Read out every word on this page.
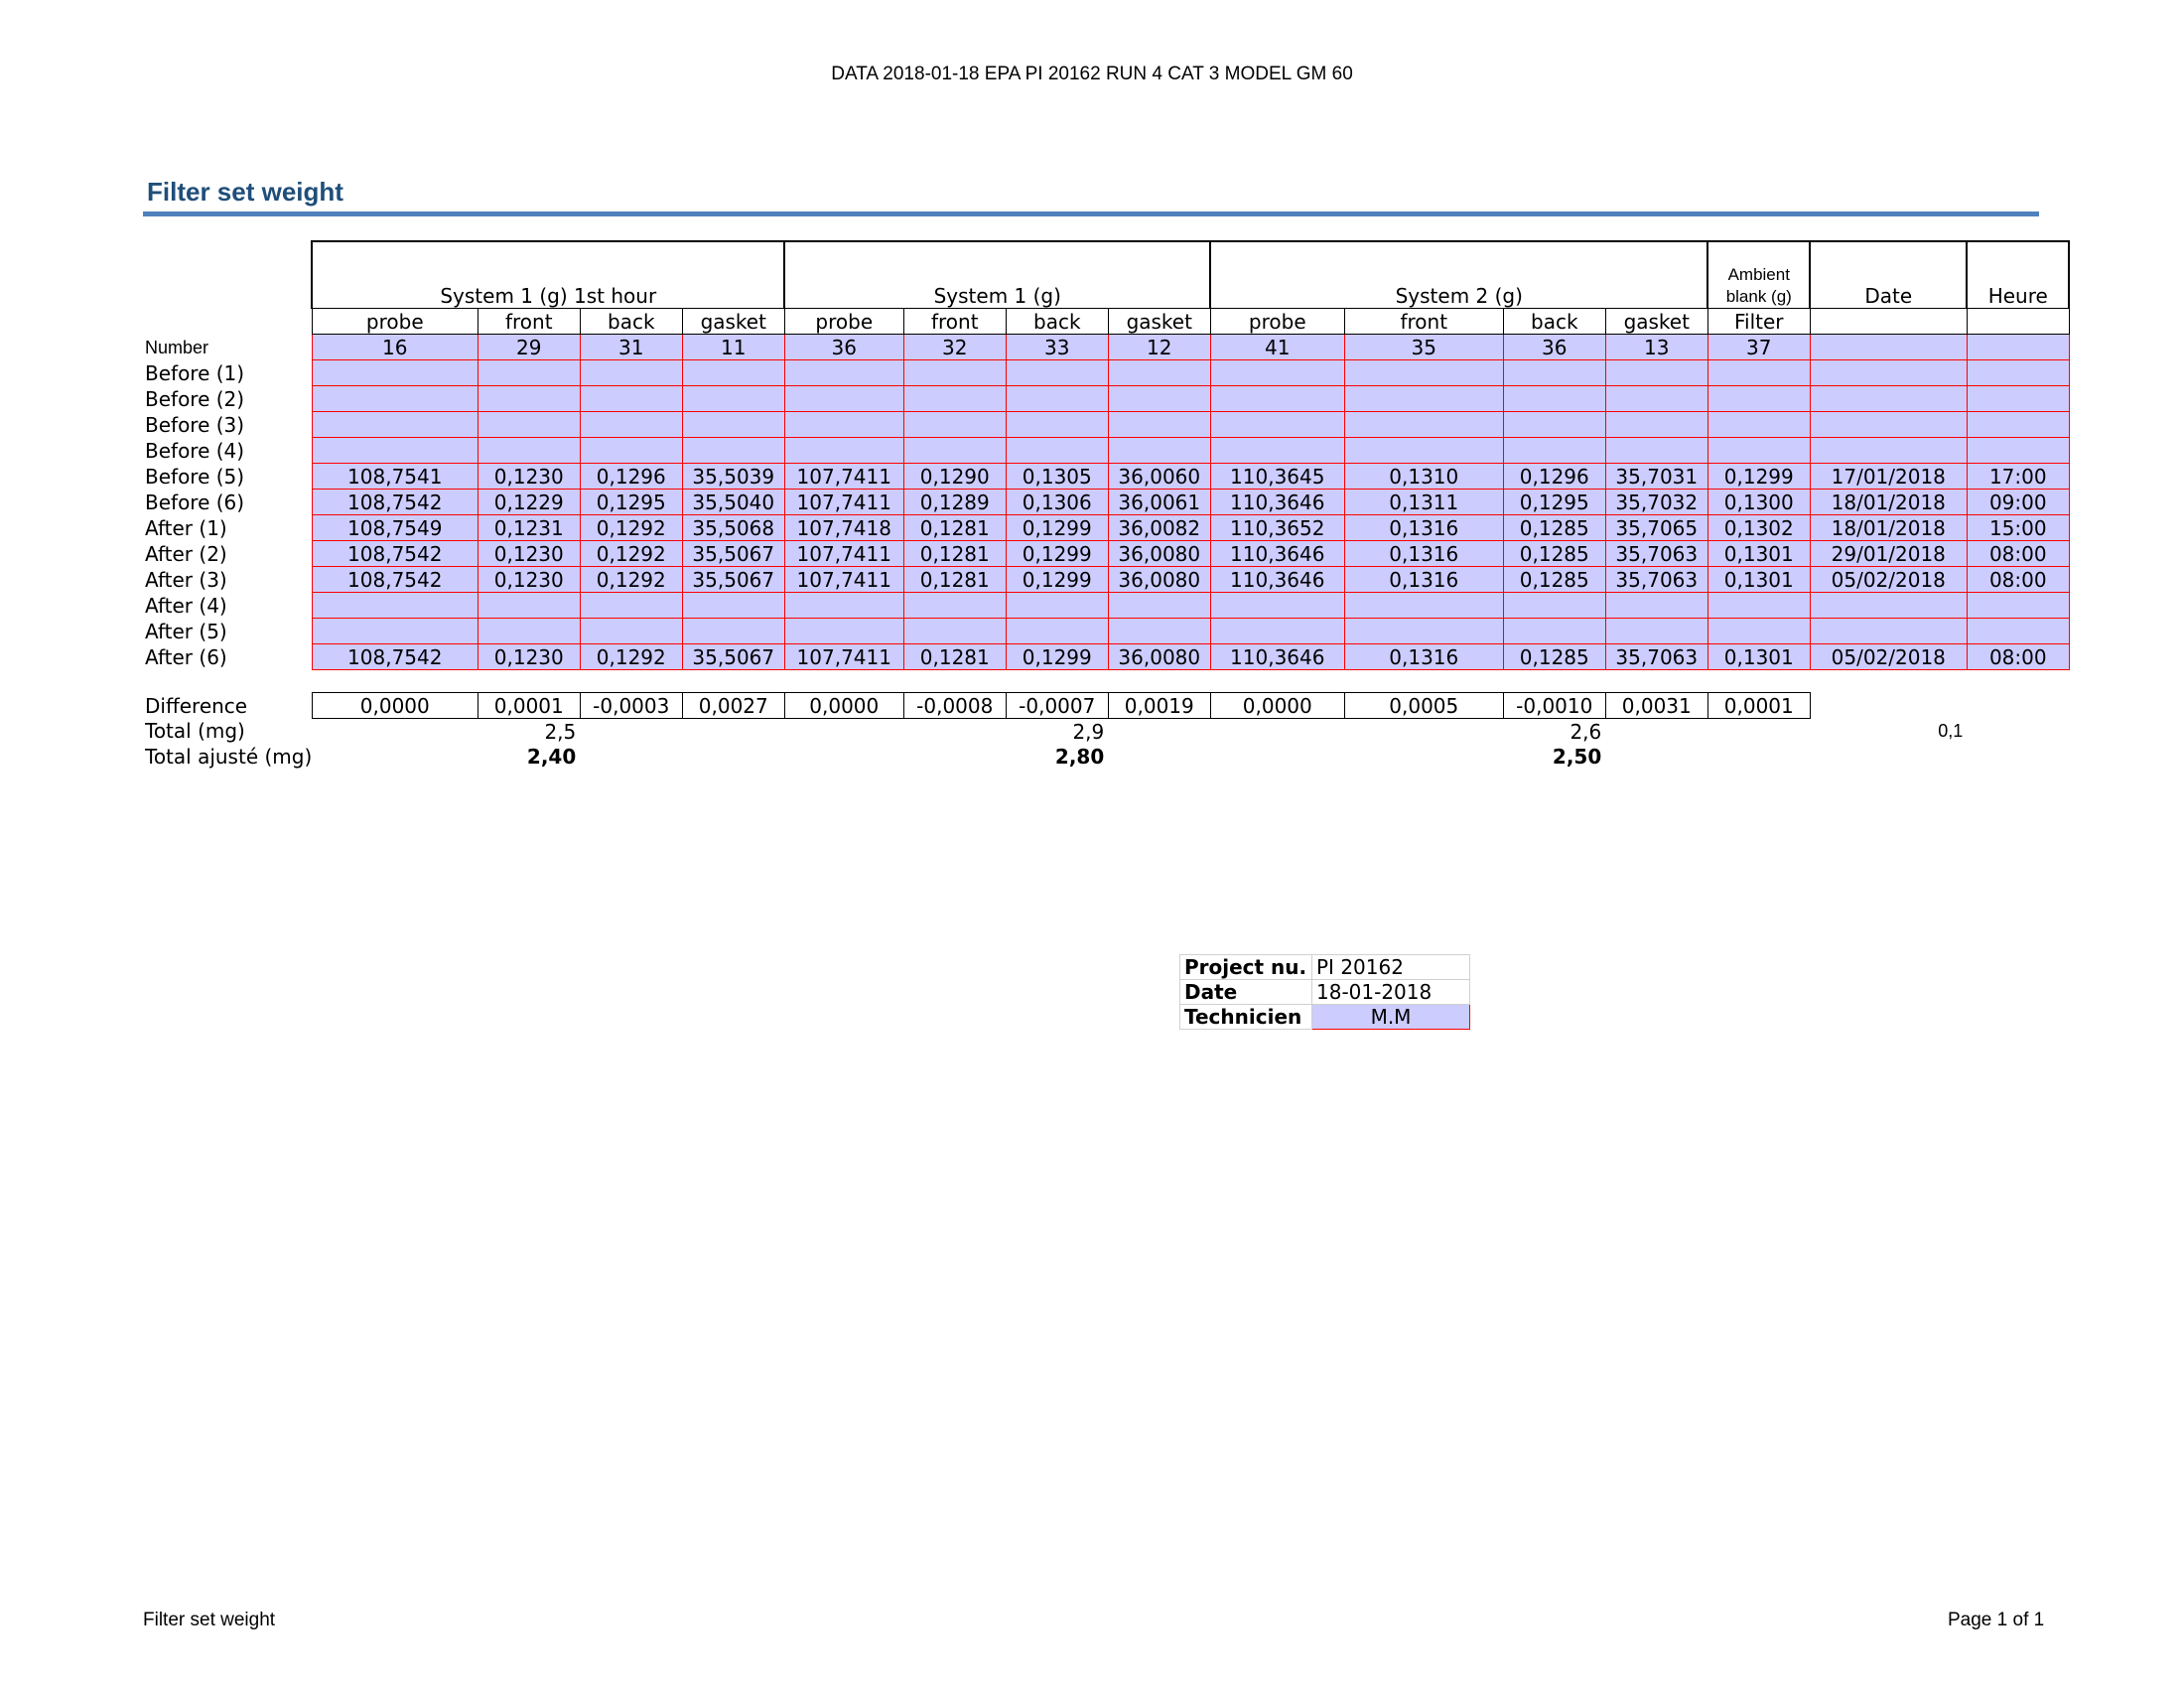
DATA 2018-01-18 EPA PI 20162 RUN 4 CAT 3 MODEL GM 60
Filter set weight
	System 1 (g) 1st hour				System 1 (g)				System 2 (g)				Ambient
blank (g)	Date	Heure
	probe	front	back	gasket	probe	front	back	gasket	probe	front	back	gasket	Filter		
Number	16	29	31	11	36	32	33	12	41	35	36	13	37		
Before (1)															
Before (2)															
Before (3)															
Before (4)															
Before (5)	108,7541	0,1230	0,1296	35,5039	107,7411	0,1290	0,1305	36,0060	110,3645	0,1310	0,1296	35,7031	0,1299	17/01/2018	17:00
Before (6)	108,7542	0,1229	0,1295	35,5040	107,7411	0,1289	0,1306	36,0061	110,3646	0,1311	0,1295	35,7032	0,1300	18/01/2018	09:00
After (1)	108,7549	0,1231	0,1292	35,5068	107,7418	0,1281	0,1299	36,0082	110,3652	0,1316	0,1285	35,7065	0,1302	18/01/2018	15:00
After (2)	108,7542	0,1230	0,1292	35,5067	107,7411	0,1281	0,1299	36,0080	110,3646	0,1316	0,1285	35,7063	0,1301	29/01/2018	08:00
After (3)	108,7542	0,1230	0,1292	35,5067	107,7411	0,1281	0,1299	36,0080	110,3646	0,1316	0,1285	35,7063	0,1301	05/02/2018	08:00
After (4)															
After (5)															
After (6)	108,7542	0,1230	0,1292	35,5067	107,7411	0,1281	0,1299	36,0080	110,3646	0,1316	0,1285	35,7063	0,1301	05/02/2018	08:00

Difference	0,0000	0,0001	-0,0003	0,0027	0,0000	-0,0008	-0,0007	0,0019	0,0000	0,0005	-0,0010	0,0031	0,0001		
Total (mg)	2,5				2,9					2,6				0,1	
Total ajusté (mg)	2,40				2,80					2,50					
Project nu.	PI 20162
Date	18-01-2018
Technicien	M.M
Filter set weight	Page 1 of 1
